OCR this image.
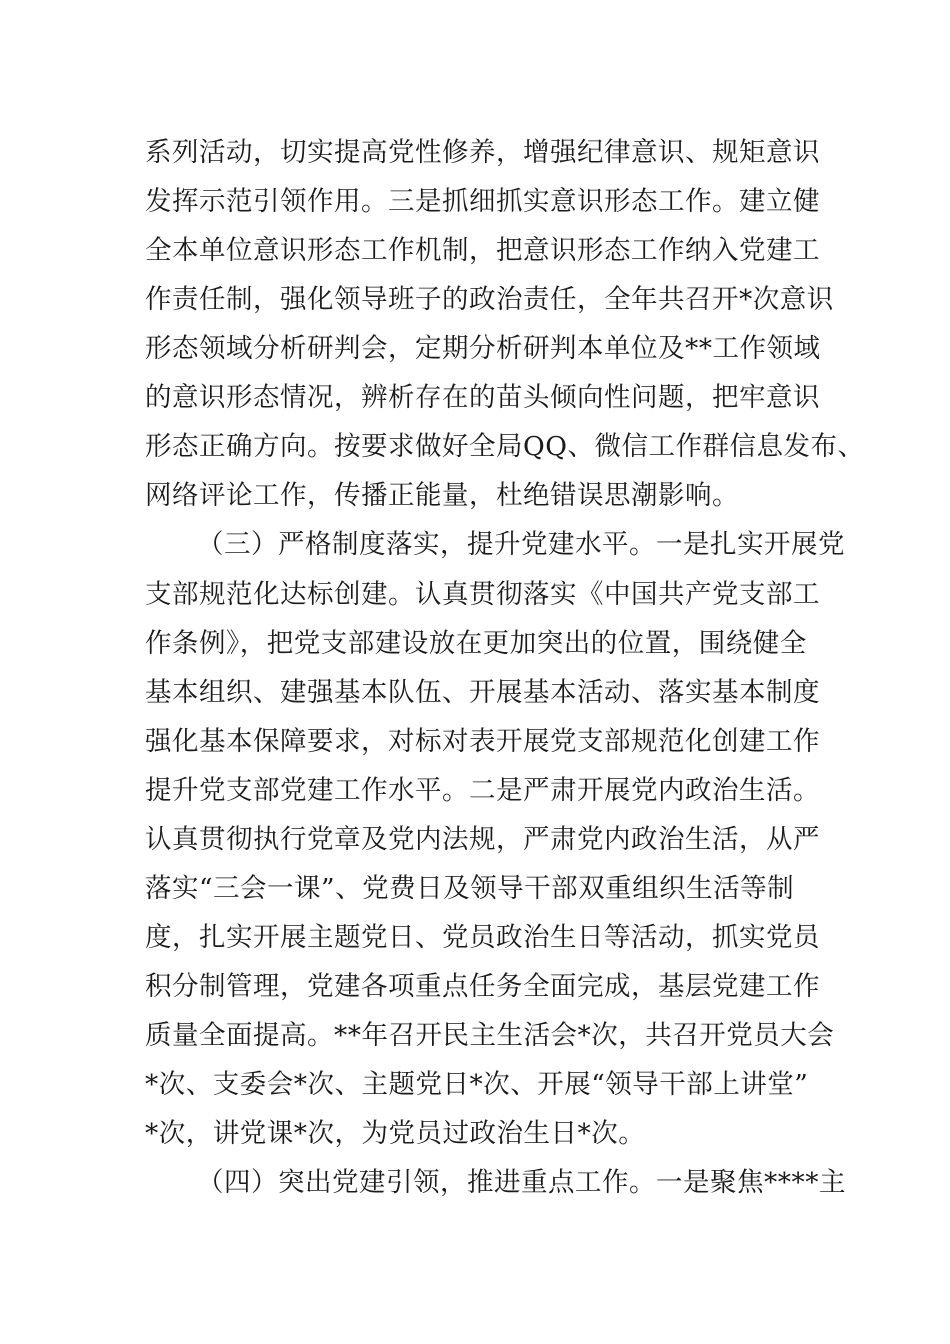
系列活动，切实提高党性修养，增强纪律意识、规矩意识
发挥示范引领作用。三是抓细抓实意识形态工作。建立健
全本单位意识形态工作机制，把意识形态工作纳入党建工
作责任制，强化领导班子的政治责任，全年共召开*次意识
形态领域分析研判会，定期分析研判本单位及**工作领域
的意识形态情况，辨析存在的苗头倾向性问题，把牢意识
形态正确方向。按要求做好全局QQ、微信工作群信息发布、
网络评论工作，传播正能量，杜绝错误思潮影响。
（三）严格制度落实，提升党建水平。一是扎实开展党
支部规范化达标创建。认真贯彻落实《中国共产党支部工
作条例》，把党支部建设放在更加突出的位置，围绕健全
基本组织、建强基本队伍、开展基本活动、落实基本制度
强化基本保障要求，对标对表开展党支部规范化创建工作
提升党支部党建工作水平。二是严肃开展党内政治生活。
认真贯彻执行党章及党内法规，严肃党内政治生活，从严
落实“三会一课”、党费日及领导干部双重组织生活等制
度，扎实开展主题党日、党员政治生日等活动，抓实党员
积分制管理，党建各项重点任务全面完成，基层党建工作
质量全面提高。**年召开民主生活会*次，共召开党员大会
*次、支委会*次、主题党日*次、开展“领导干部上讲堂”
*次，讲党课*次，为党员过政治生日*次。
（四）突出党建引领，推进重点工作。一是聚焦****主
